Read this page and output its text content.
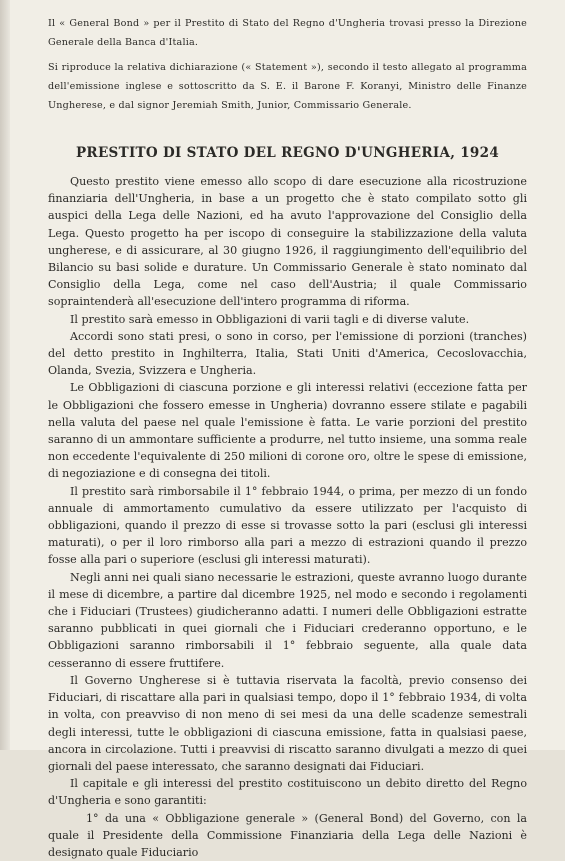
Il « General Bond » per il Prestito di Stato del Regno d'Ungheria trovasi presso la Direzione Generale della Banca d'Italia.

Si riproduce la relativa dichiarazione (« Statement »), secondo il testo allegato al programma dell'emissione inglese e sottoscritto da S. E. il Barone F. Koranyi, Ministro delle Finanze Ungherese, e dal signor Jeremiah Smith, Junior, Commissario Generale.

PRESTITO DI STATO DEL REGNO D'UNGHERIA, 1924

Questo prestito viene emesso allo scopo di dare esecuzione alla ricostruzione finanziaria dell'Ungheria, in base a un progetto che è stato compilato sotto gli auspici della Lega delle Nazioni, ed ha avuto l'approvazione del Consiglio della Lega. Questo progetto ha per iscopo di conseguire la stabilizzazione della valuta ungherese, e di assicurare, al 30 giugno 1926, il raggiungimento dell'equilibrio del Bilancio su basi solide e durature. Un Commissario Generale è stato nominato dal Consiglio della Lega, come nel caso dell'Austria; il quale Commissario sopraintenderà all'esecuzione dell'intero programma di riforma.

Il prestito sarà emesso in Obbligazioni di varii tagli e di diverse valute.

Accordi sono stati presi, o sono in corso, per l'emissione di porzioni (tranches) del detto prestito in Inghilterra, Italia, Stati Uniti d'America, Cecoslovacchia, Olanda, Svezia, Svizzera e Ungheria.

Le Obbligazioni di ciascuna porzione e gli interessi relativi (eccezione fatta per le Obbligazioni che fossero emesse in Ungheria) dovranno essere stilate e pagabili nella valuta del paese nel quale l'emissione è fatta. Le varie porzioni del prestito saranno di un ammontare sufficiente a produrre, nel tutto insieme, una somma reale non eccedente l'equivalente di 250 milioni di corone oro, oltre le spese di emissione, di negoziazione e di consegna dei titoli.

Il prestito sarà rimborsabile il 1° febbraio 1944, o prima, per mezzo di un fondo annuale di ammortamento cumulativo da essere utilizzato per l'acquisto di obbligazioni, quando il prezzo di esse si trovasse sotto la pari (esclusi gli interessi maturati), o per il loro rimborso alla pari a mezzo di estrazioni quando il prezzo fosse alla pari o superiore (esclusi gli interessi maturati).

Negli anni nei quali siano necessarie le estrazioni, queste avranno luogo durante il mese di dicembre, a partire dal dicembre 1925, nel modo e secondo i regolamenti che i Fiduciari (Trustees) giudicheranno adatti. I numeri delle Obbligazioni estratte saranno pubblicati in quei giornali che i Fiduciari crederanno opportuno, e le Obbligazioni saranno rimborsabili il 1° febbraio seguente, alla quale data cesseranno di essere fruttifere.

Il Governo Ungherese si è tuttavia riservata la facoltà, previo consenso dei Fiduciari, di riscattare alla pari in qualsiasi tempo, dopo il 1° febbraio 1934, di volta in volta, con preavviso di non meno di sei mesi da una delle scadenze semestrali degli interessi, tutte le obbligazioni di ciascuna emissione, fatta in qualsiasi paese, ancora in circolazione. Tutti i preavvisi di riscatto saranno divulgati a mezzo di quei giornali del paese interessato, che saranno designati dai Fiduciari.

Il capitale e gli interessi del prestito costituiscono un debito diretto del Regno d'Ungheria e sono garantiti:

1° da una « Obbligazione generale » (General Bond) del Governo, con la quale il Presidente della Commissione Finanziaria della Lega delle Nazioni è designato quale Fiduciario
